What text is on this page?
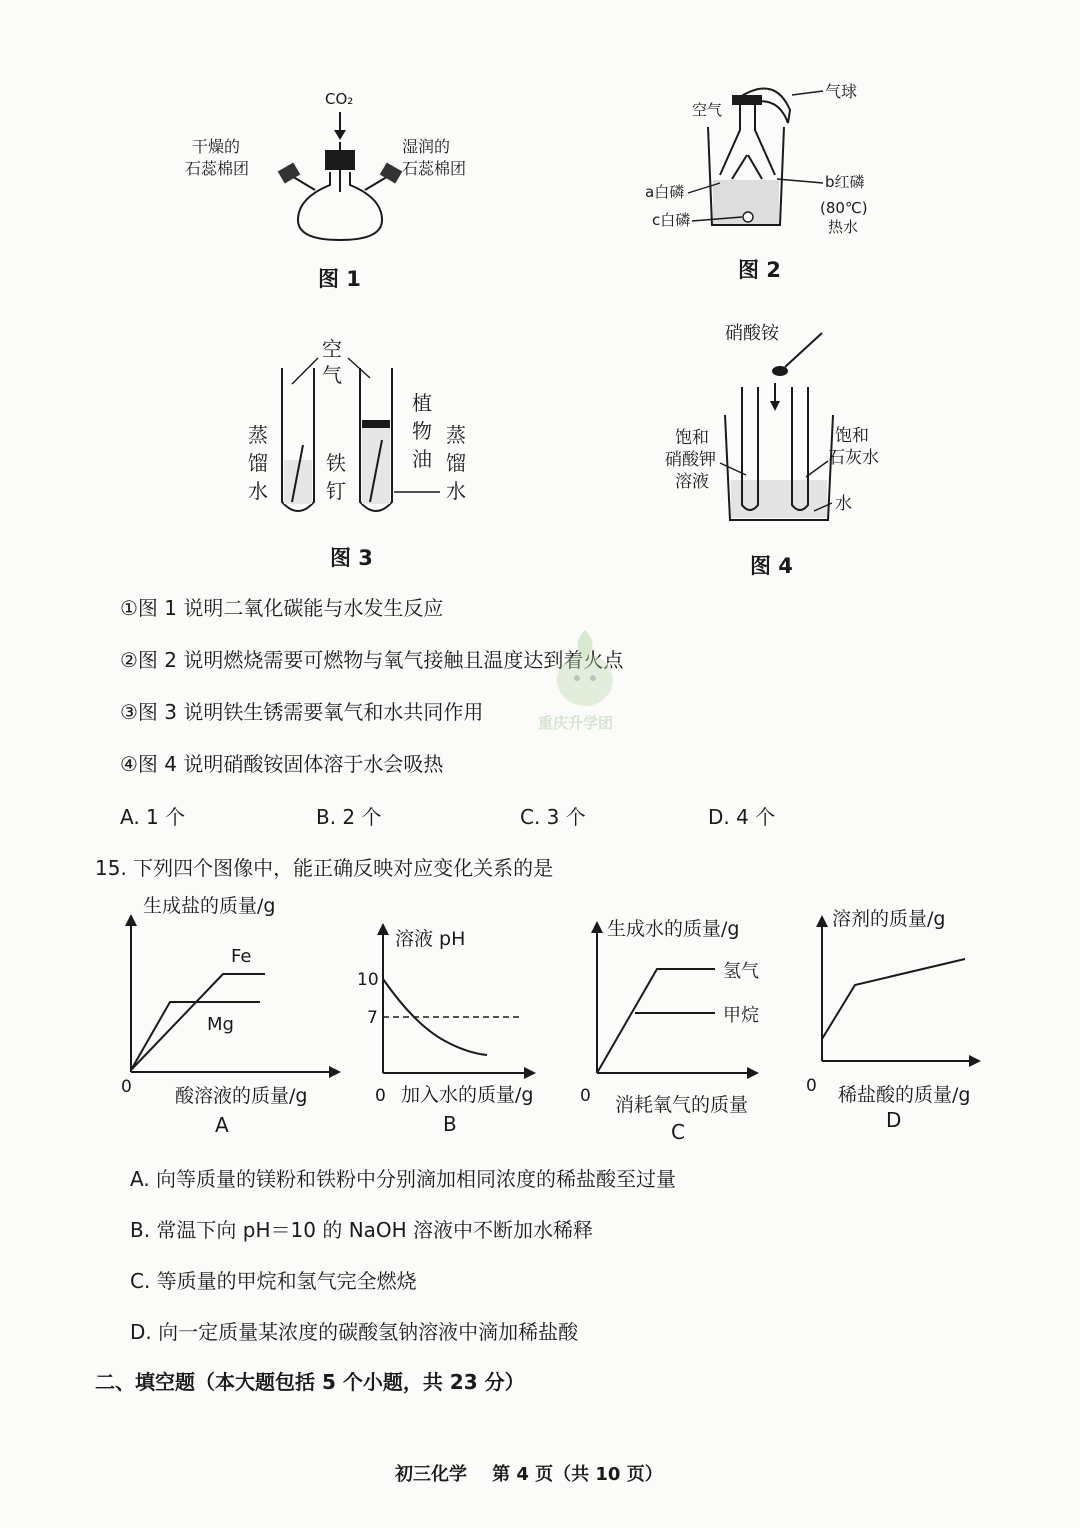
CO₂
干燥的
石蕊棉团
湿润的
石蕊棉团
图 1
气球
空气
a白磷
b红磷
c白磷
(80℃)
热水
图 2
空
气
蒸
馏
水
铁
钉
植
物
油
蒸
馏
水
图 3
硝酸铵
饱和
硝酸钾
溶液
饱和
石灰水
水
图 4
①图 1 说明二氧化碳能与水发生反应
②图 2 说明燃烧需要可燃物与氧气接触且温度达到着火点
③图 3 说明铁生锈需要氧气和水共同作用
④图 4 说明硝酸铵固体溶于水会吸热
A. 1 个	B. 2 个	C. 3 个	D. 4 个
重庆升学团
15. 下列四个图像中，能正确反映对应变化关系的是
生成盐的质量/g
Fe
Mg
0 酸溶液的质量/g
A
溶液 pH
10
7
0 加入水的质量/g
B
生成水的质量/g
氢气
甲烷
0 消耗氧气的质量
C
溶剂的质量/g
0 稀盐酸的质量/g
D
A. 向等质量的镁粉和铁粉中分别滴加相同浓度的稀盐酸至过量
B. 常温下向 pH＝10 的 NaOH 溶液中不断加水稀释
C. 等质量的甲烷和氢气完全燃烧
D. 向一定质量某浓度的碳酸氢钠溶液中滴加稀盐酸
二、填空题（本大题包括 5 个小题，共 23 分）
初三化学    第 4 页（共 10 页）
